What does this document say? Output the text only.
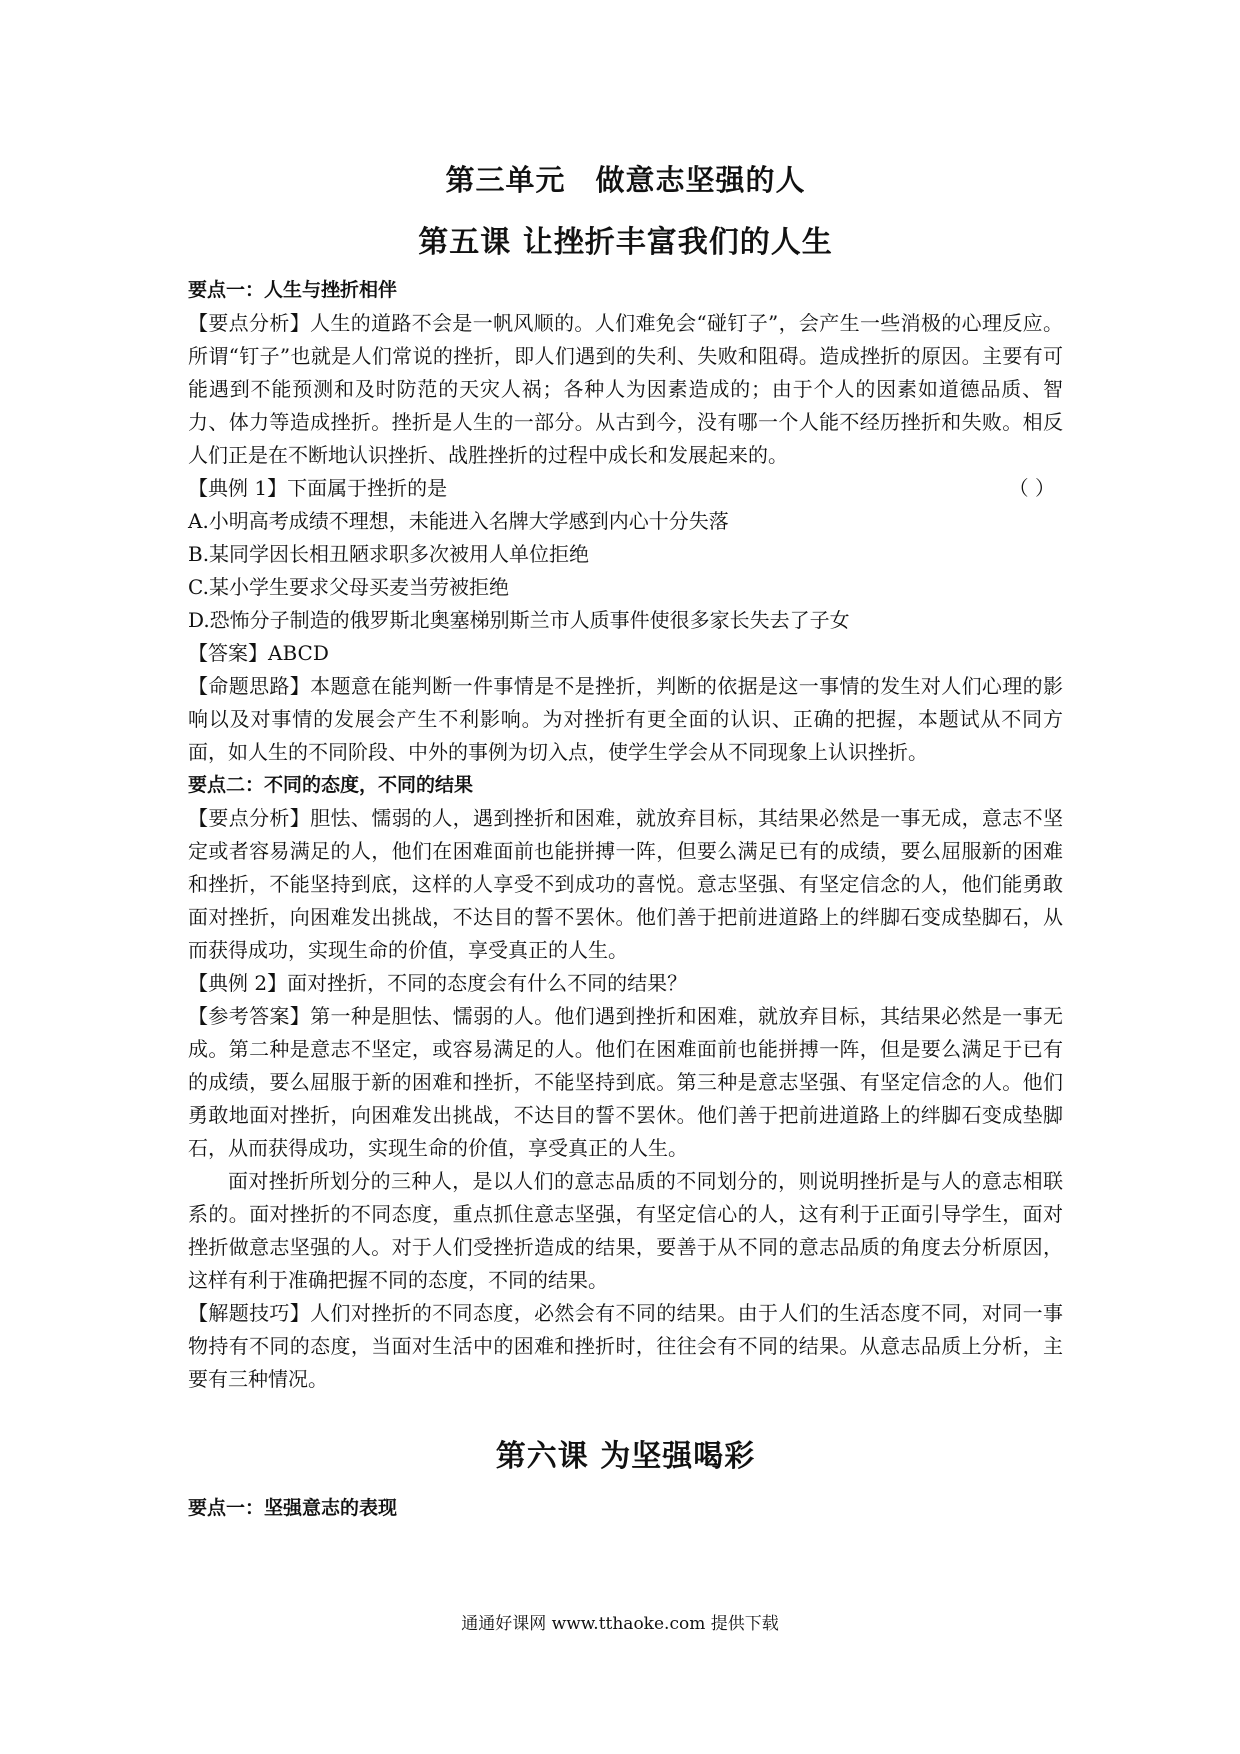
第三单元　做意志坚强的人
第五课 让挫折丰富我们的人生

要点一：人生与挫折相伴

【要点分析】人生的道路不会是一帆风顺的。人们难免会“碰钉子”，会产生一些消极的心理反应。所谓“钉子”也就是人们常说的挫折，即人们遇到的失利、失败和阻碍。造成挫折的原因。主要有可能遇到不能预测和及时防范的天灾人祸；各种人为因素造成的；由于个人的因素如道德品质、智力、体力等造成挫折。挫折是人生的一部分。从古到今，没有哪一个人能不经历挫折和失败。相反人们正是在不断地认识挫折、战胜挫折的过程中成长和发展起来的。

【典例 1】下面属于挫折的是	（ ）

A.小明高考成绩不理想，未能进入名牌大学感到内心十分失落

B.某同学因长相丑陋求职多次被用人单位拒绝

C.某小学生要求父母买麦当劳被拒绝

D.恐怖分子制造的俄罗斯北奥塞梯别斯兰市人质事件使很多家长失去了子女

【答案】ABCD

【命题思路】本题意在能判断一件事情是不是挫折，判断的依据是这一事情的发生对人们心理的影响以及对事情的发展会产生不利影响。为对挫折有更全面的认识、正确的把握，本题试从不同方面，如人生的不同阶段、中外的事例为切入点，使学生学会从不同现象上认识挫折。

要点二：不同的态度，不同的结果

【要点分析】胆怯、懦弱的人，遇到挫折和困难，就放弃目标，其结果必然是一事无成，意志不坚定或者容易满足的人，他们在困难面前也能拼搏一阵，但要么满足已有的成绩，要么屈服新的困难和挫折，不能坚持到底，这样的人享受不到成功的喜悦。意志坚强、有坚定信念的人，他们能勇敢面对挫折，向困难发出挑战，不达目的誓不罢休。他们善于把前进道路上的绊脚石变成垫脚石，从而获得成功，实现生命的价值，享受真正的人生。

【典例 2】面对挫折，不同的态度会有什么不同的结果？

【参考答案】第一种是胆怯、懦弱的人。他们遇到挫折和困难，就放弃目标，其结果必然是一事无成。第二种是意志不坚定，或容易满足的人。他们在困难面前也能拼搏一阵，但是要么满足于已有的成绩，要么屈服于新的困难和挫折，不能坚持到底。第三种是意志坚强、有坚定信念的人。他们勇敢地面对挫折，向困难发出挑战，不达目的誓不罢休。他们善于把前进道路上的绊脚石变成垫脚石，从而获得成功，实现生命的价值，享受真正的人生。

面对挫折所划分的三种人，是以人们的意志品质的不同划分的，则说明挫折是与人的意志相联系的。面对挫折的不同态度，重点抓住意志坚强，有坚定信心的人，这有利于正面引导学生，面对挫折做意志坚强的人。对于人们受挫折造成的结果，要善于从不同的意志品质的角度去分析原因，这样有利于准确把握不同的态度，不同的结果。

【解题技巧】人们对挫折的不同态度，必然会有不同的结果。由于人们的生活态度不同，对同一事物持有不同的态度，当面对生活中的困难和挫折时，往往会有不同的结果。从意志品质上分析，主要有三种情况。

第六课 为坚强喝彩

要点一：坚强意志的表现

通通好课网 www.tthaoke.com 提供下载
